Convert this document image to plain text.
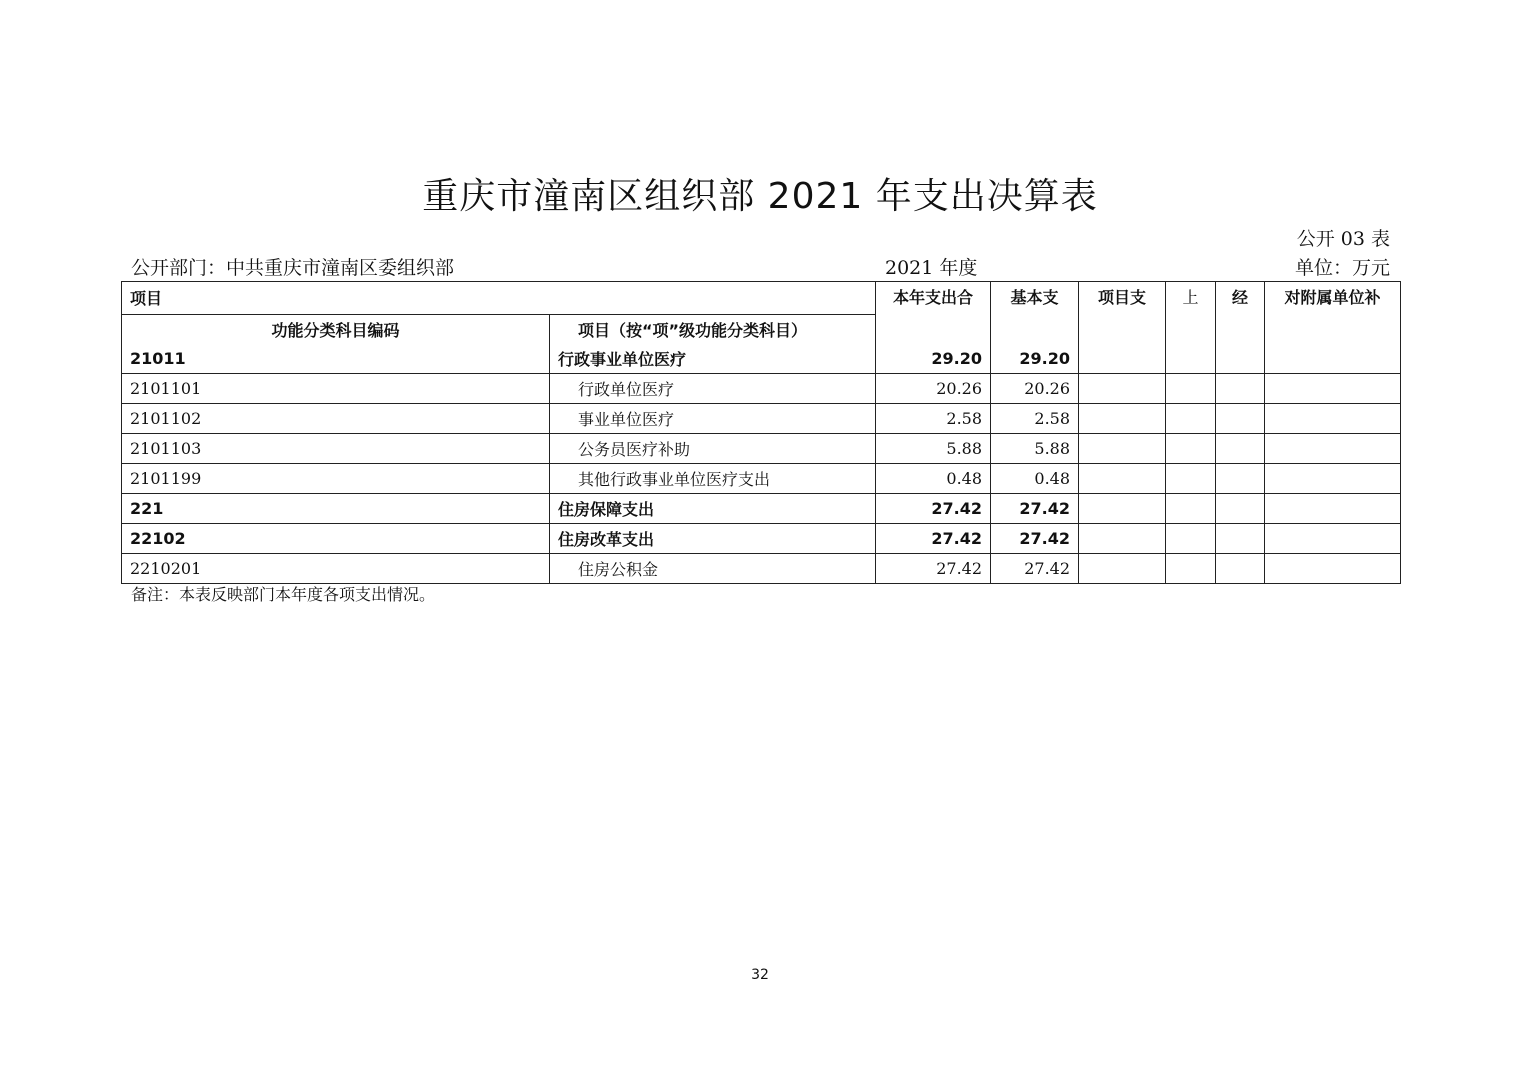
重庆市潼南区组织部 2021 年支出决算表
公开 03 表
公开部门：中共重庆市潼南区委组织部	2021 年度	单位：万元
项目		本年支出合	基本支	项目支	上	经	对附属单位补
功能分类科目编码	项目（按“项”级功能分类科目）						
21011	行政事业单位医疗	29.20	29.20				
2101101	行政单位医疗	20.26	20.26				
2101102	事业单位医疗	2.58	2.58				
2101103	公务员医疗补助	5.88	5.88				
2101199	其他行政事业单位医疗支出	0.48	0.48				
221	住房保障支出	27.42	27.42				
22102	住房改革支出	27.42	27.42				
2210201	住房公积金	27.42	27.42				
备注：本表反映部门本年度各项支出情况。
32
